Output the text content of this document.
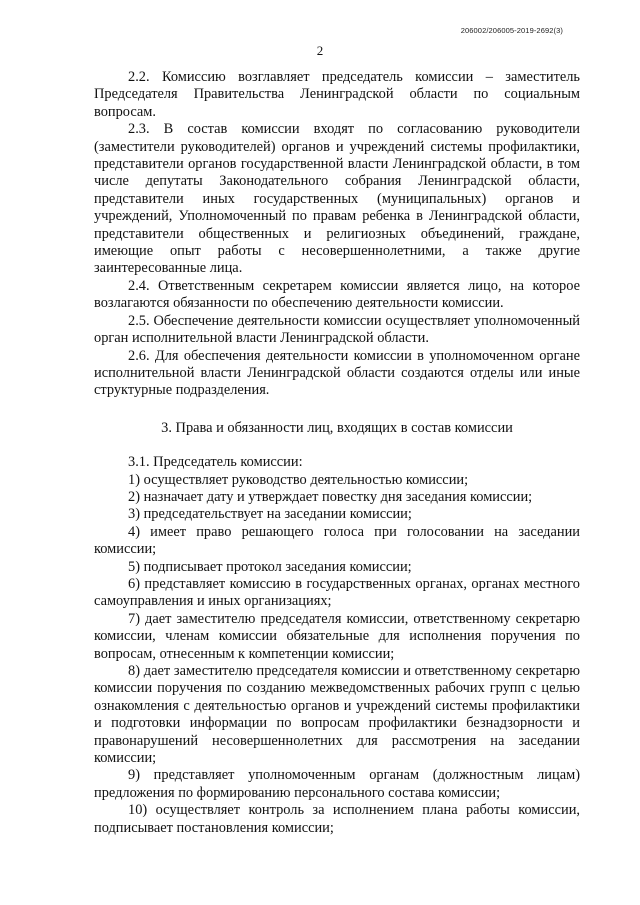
206002/206005-2019-2692(3)
2

2.2. Комиссию возглавляет председатель комиссии – заместитель Председателя Правительства Ленинградской области по социальным вопросам.

2.3. В состав комиссии входят по согласованию руководители (заместители руководителей) органов и учреждений системы профилактики, представители органов государственной власти Ленинградской области, в том числе депутаты Законодательного собрания Ленинградской области, представители иных государственных (муниципальных) органов и учреждений, Уполномоченный по правам ребенка в Ленинградской области, представители общественных и религиозных объединений, граждане, имеющие опыт работы с несовершеннолетними, а также другие заинтересованные лица.

2.4. Ответственным секретарем комиссии является лицо, на которое возлагаются обязанности по обеспечению деятельности комиссии.

2.5. Обеспечение деятельности комиссии осуществляет уполномоченный орган исполнительной власти Ленинградской области.

2.6. Для обеспечения деятельности комиссии в уполномоченном органе исполнительной власти Ленинградской области создаются отделы или иные структурные подразделения.

3. Права и обязанности лиц, входящих в состав комиссии

3.1. Председатель комиссии:

1) осуществляет руководство деятельностью комиссии;

2) назначает дату и утверждает повестку дня заседания комиссии;

3) председательствует на заседании комиссии;

4) имеет право решающего голоса при голосовании на заседании комиссии;

5) подписывает протокол заседания комиссии;

6) представляет комиссию в государственных органах, органах местного самоуправления и иных организациях;

7) дает заместителю председателя комиссии, ответственному секретарю комиссии, членам комиссии обязательные для исполнения поручения по вопросам, отнесенным к компетенции комиссии;

8) дает заместителю председателя комиссии и ответственному секретарю комиссии поручения по созданию межведомственных рабочих групп с целью ознакомления с деятельностью органов и учреждений системы профилактики и подготовки информации по вопросам профилактики безнадзорности и правонарушений несовершеннолетних для рассмотрения на заседании комиссии;

9) представляет уполномоченным органам (должностным лицам) предложения по формированию персонального состава комиссии;

10) осуществляет контроль за исполнением плана работы комиссии, подписывает постановления комиссии;
